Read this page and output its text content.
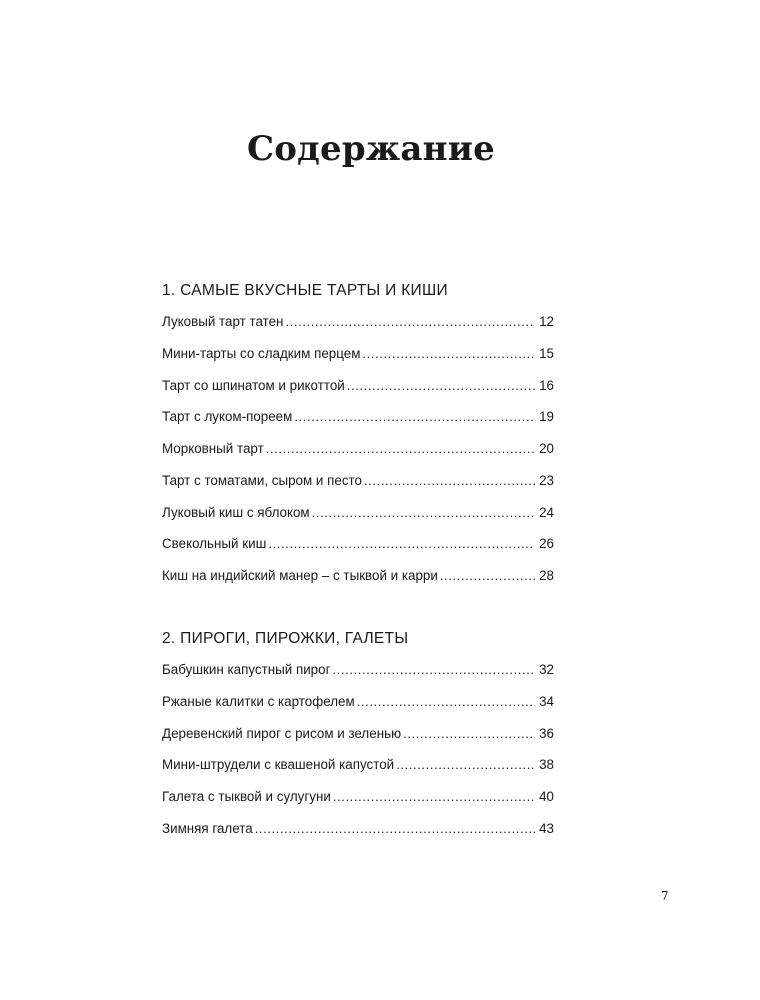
Содержание
1. САМЫЕ ВКУСНЫЕ ТАРТЫ И КИШИ
Луковый тарт татен .....	12
Мини-тарты со сладким перцем .....	15
Тарт со шпинатом и рикоттой .....	16
Тарт с луком-пореем .....	19
Морковный тарт .....	20
Тарт с томатами, сыром и песто .....	23
Луковый киш с яблоком .....	24
Свекольный киш .....	26
Киш на индийский манер – с тыквой и карри .....	28
2. ПИРОГИ, ПИРОЖКИ, ГАЛЕТЫ
Бабушкин капустный пирог .....	32
Ржаные калитки с картофелем .....	34
Деревенский пирог с рисом и зеленью .....	36
Мини-штрудели с квашеной капустой .....	38
Галета с тыквой и сулугуни .....	40
Зимняя галета .....	43
7
